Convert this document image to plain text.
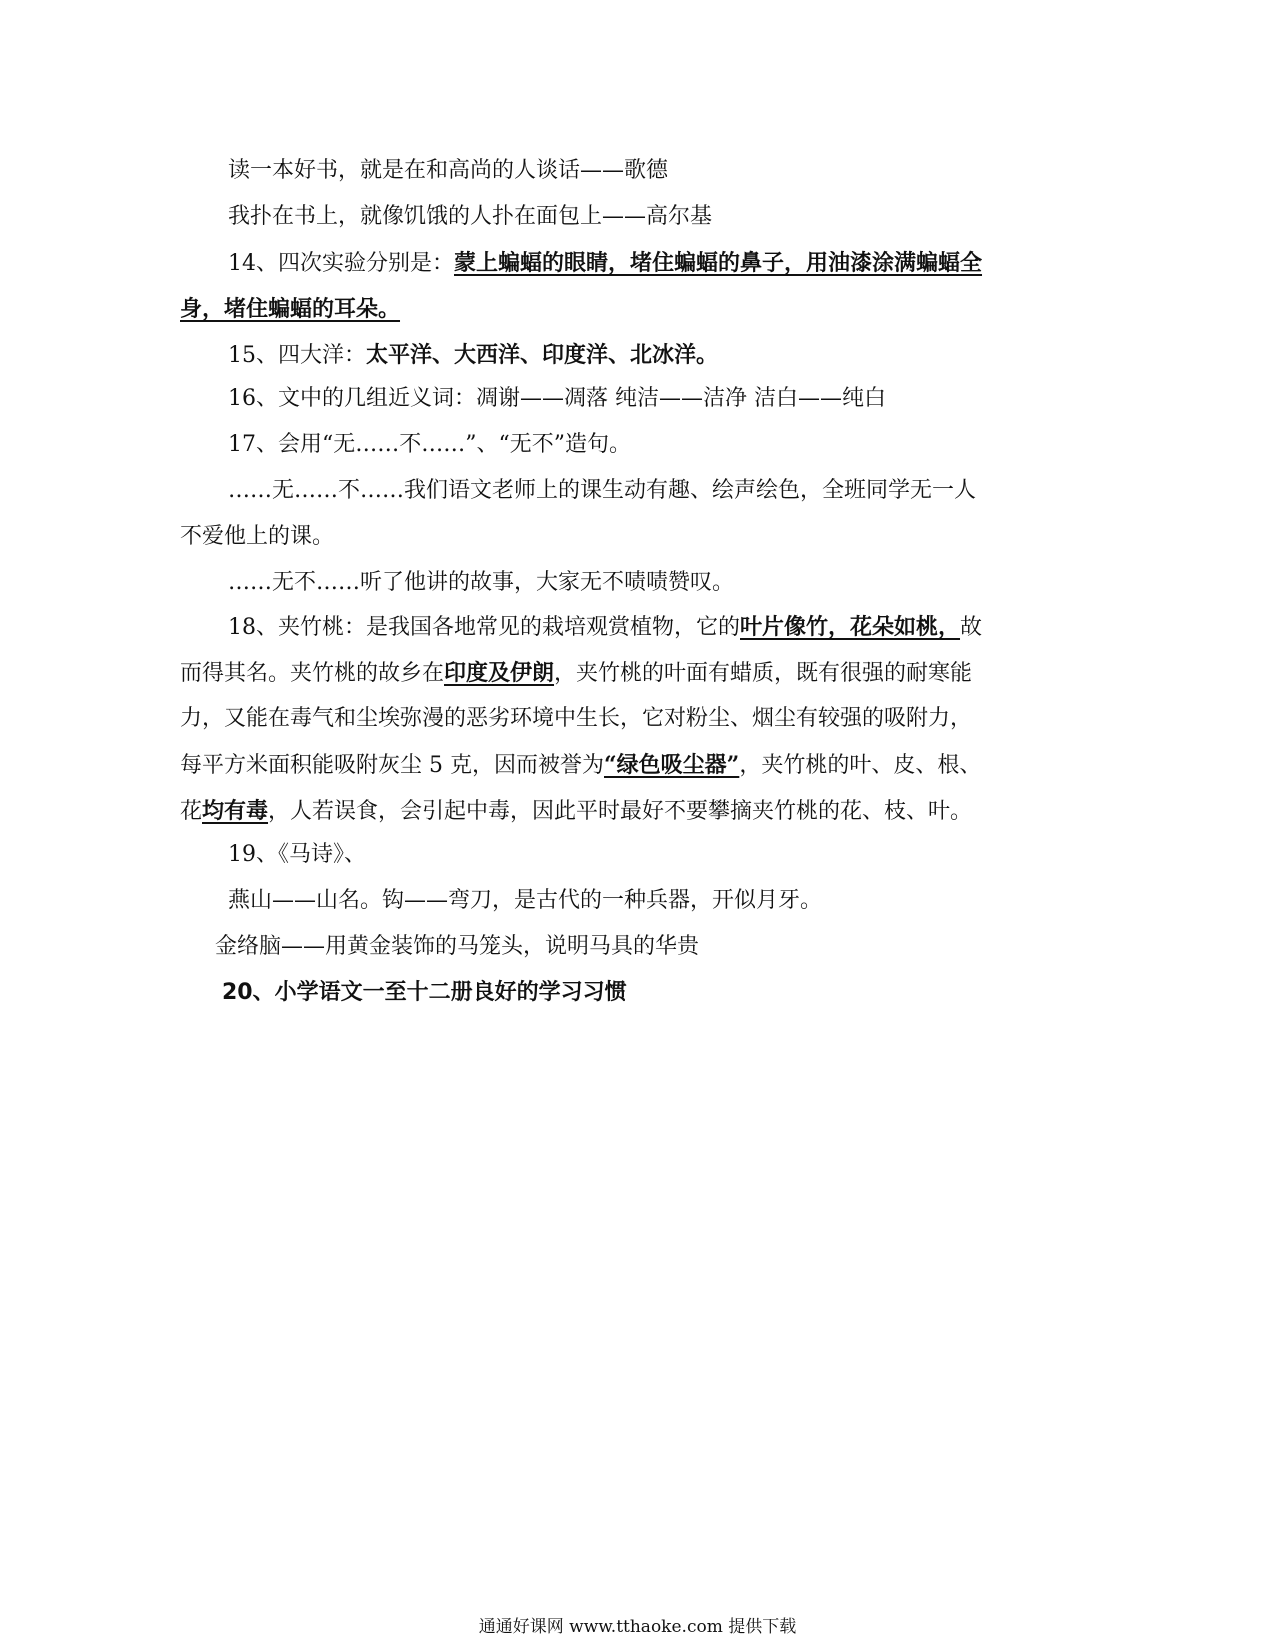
读一本好书，就是在和高尚的人谈话——歌德
我扑在书上，就像饥饿的人扑在面包上——高尔基
14、四次实验分别是：蒙上蝙蝠的眼睛，堵住蝙蝠的鼻子，用油漆涂满蝙蝠全
身，堵住蝙蝠的耳朵。
15、四大洋：太平洋、大西洋、印度洋、北冰洋。
16、文中的几组近义词：凋谢——凋落 纯洁——洁净 洁白——纯白
17、会用“无……不……”、“无不”造句。
……无……不……我们语文老师上的课生动有趣、绘声绘色，全班同学无一人
不爱他上的课。
……无不……听了他讲的故事，大家无不啧啧赞叹。
18、夹竹桃：是我国各地常见的栽培观赏植物，它的叶片像竹，花朵如桃，故
而得其名。夹竹桃的故乡在印度及伊朗，夹竹桃的叶面有蜡质，既有很强的耐寒能
力，又能在毒气和尘埃弥漫的恶劣环境中生长，它对粉尘、烟尘有较强的吸附力，
每平方米面积能吸附灰尘 5 克，因而被誉为“绿色吸尘器”，夹竹桃的叶、皮、根、
花均有毒，人若误食，会引起中毒，因此平时最好不要攀摘夹竹桃的花、枝、叶。
19、《马诗》、
燕山——山名。钩——弯刀，是古代的一种兵器，开似月牙。
金络脑——用黄金装饰的马笼头，说明马具的华贵
20、小学语文一至十二册良好的学习习惯
通通好课网 www.tthaoke.com 提供下载
